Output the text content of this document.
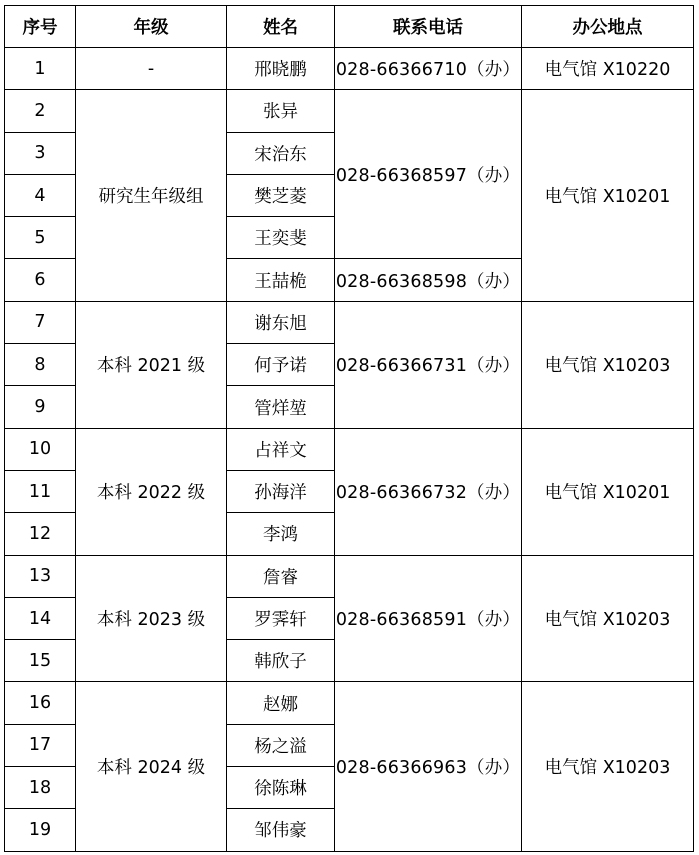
序号	年级	姓名	联系电话	办公地点
1	-	邢晓鹏	028-66366710（办）	电气馆 X10220
2	研究生年级组	张异	028-66368597（办）	电气馆 X10201
3		宋治东		
4		樊芝菱		
5		王奕斐		
6		王喆桅	028-66368598（办）	
7	本科 2021 级	谢东旭	028-66366731（办）	电气馆 X10203
8		何予诺		
9		管烊堃		
10	本科 2022 级	占祥文	028-66366732（办）	电气馆 X10201
11		孙海洋		
12		李鸿		
13	本科 2023 级	詹睿	028-66368591（办）	电气馆 X10203
14		罗霁轩		
15		韩欣子		
16	本科 2024 级	赵娜	028-66366963（办）	电气馆 X10203
17		杨之溢		
18		徐陈琳		
19		邹伟豪		
